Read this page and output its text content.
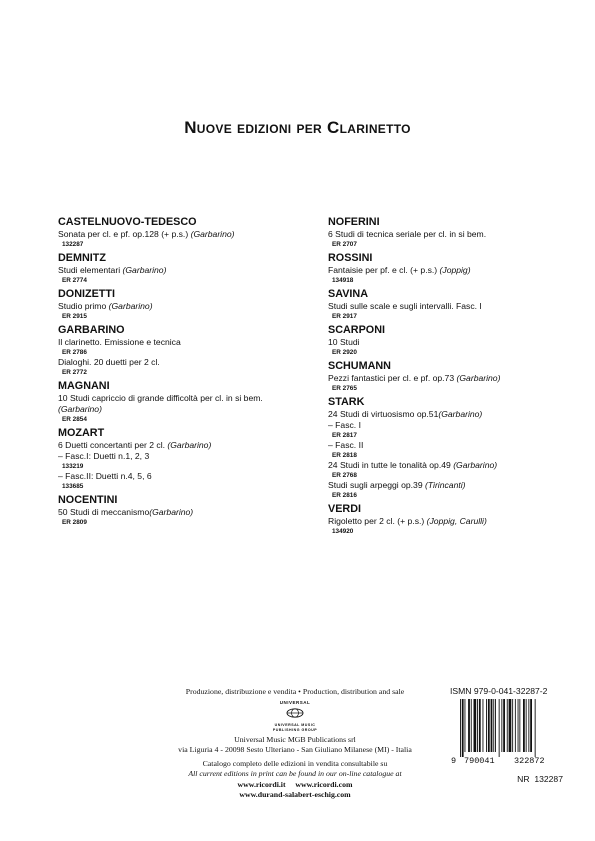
Nuove edizioni per Clarinetto
CASTELNUOVO-TEDESCO
Sonata per cl. e pf. op.128 (+ p.s.) (Garbarino)
132287
DEMNITZ
Studi elementari (Garbarino)
ER 2774
DONIZETTI
Studio primo (Garbarino)
ER 2915
GARBARINO
Il clarinetto. Emissione e tecnica
ER 2786
Dialoghi. 20 duetti per 2 cl.
ER 2772
MAGNANI
10 Studi capriccio di grande difficoltà per cl. in si bem.
(Garbarino)
ER 2854
MOZART
6 Duetti concertanti per 2 cl. (Garbarino)
– Fasc.I: Duetti n.1, 2, 3
133219
– Fasc.II: Duetti n.4, 5, 6
133685
NOCENTINI
50 Studi di meccanismo(Garbarino)
ER 2809
NOFERINI
6 Studi di tecnica seriale per cl. in si bem.
ER 2707
ROSSINI
Fantaisie per pf. e cl. (+ p.s.) (Joppig)
134918
SAVINA
Studi sulle scale e sugli intervalli. Fasc. I
ER 2917
SCARPONI
10 Studi
ER 2920
SCHUMANN
Pezzi fantastici per cl. e pf. op.73 (Garbarino)
ER 2765
STARK
24 Studi di virtuosismo op.51(Garbarino)
– Fasc. I
ER 2817
– Fasc. II
ER 2818
24 Studi in tutte le tonalità op.49 (Garbarino)
ER 2768
Studi sugli arpeggi op.39 (Tirincanti)
ER 2816
VERDI
Rigoletto per 2 cl. (+ p.s.) (Joppig, Carulli)
134920
Produzione, distribuzione e vendita • Production, distribution and sale
UNIVERSAL
UNIVERSAL MUSIC
PUBLISHING GROUP
Universal Music MGB Publications srl
via Liguria 4 - 20098 Sesto Ulteriano - San Giuliano Milanese (MI) - Italia
Catalogo completo delle edizioni in vendita consultabile su
All current editions in print can be found in our on-line catalogue at
www.ricordi.it     www.ricordi.com
www.durand-salabert-eschig.com
ISMN 979-0-041-32287-2
9 790041 322872
NR  132287
